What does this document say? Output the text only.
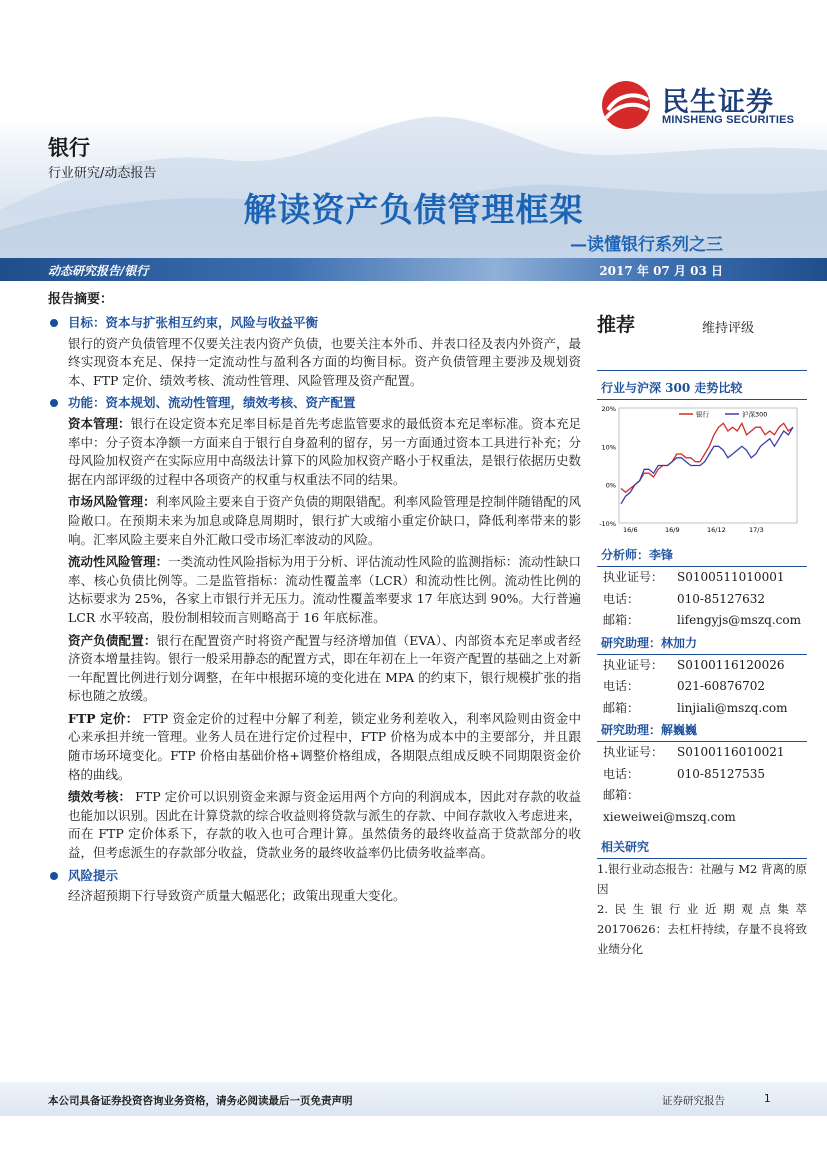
民生证券
MINSHENG SECURITIES
银行
行业研究/动态报告
解读资产负债管理框架
—读懂银行系列之三
动态研究报告/银行	2017 年 07 月 03 日
报告摘要：
目标：资本与扩张相互约束，风险与收益平衡
银行的资产负债管理不仅要关注表内资产负债，也要关注本外币、并表口径及表内外资产，最终实现资本充足、保持一定流动性与盈利各方面的均衡目标。资产负债管理主要涉及规划资本、FTP 定价、绩效考核、流动性管理、风险管理及资产配置。
功能：资本规划、流动性管理，绩效考核、资产配置
资本管理：银行在设定资本充足率目标是首先考虑监管要求的最低资本充足率标准。资本充足率中：分子资本净额一方面来自于银行自身盈利的留存，另一方面通过资本工具进行补充；分母风险加权资产在实际应用中高级法计算下的风险加权资产略小于权重法，是银行依据历史数据在内部评级的过程中各项资产的权重与权重法不同的结果。
市场风险管理：利率风险主要来自于资产负债的期限错配。利率风险管理是控制伴随错配的风险敞口。在预期未来为加息或降息周期时，银行扩大或缩小重定价缺口，降低利率带来的影响。汇率风险主要来自外汇敞口受市场汇率波动的风险。
流动性风险管理：一类流动性风险指标为用于分析、评估流动性风险的监测指标：流动性缺口率、核心负债比例等。二是监管指标：流动性覆盖率（LCR）和流动性比例。流动性比例的达标要求为 25%，各家上市银行并无压力。流动性覆盖率要求 17 年底达到 90%。大行普遍 LCR 水平较高，股份制相较而言则略高于 16 年底标准。
资产负债配置：银行在配置资产时将资产配置与经济增加值（EVA）、内部资本充足率或者经济资本增量挂钩。银行一般采用静态的配置方式，即在年初在上一年资产配置的基础之上对新一年配置比例进行划分调整，在年中根据环境的变化进在 MPA 的约束下，银行规模扩张的指标也随之放缓。
FTP 定价： FTP 资金定价的过程中分解了利差，锁定业务利差收入，利率风险则由资金中心来承担并统一管理。业务人员在进行定价过程中，FTP 价格为成本中的主要部分，并且跟随市场环境变化。FTP 价格由基础价格+调整价格组成，各期限点组成反映不同期限资金价格的曲线。
绩效考核： FTP 定价可以识别资金来源与资金运用两个方向的利润成本，因此对存款的收益也能加以识别。因此在计算贷款的综合收益则将贷款与派生的存款、中间存款收入考虑进来，而在 FTP 定价体系下，存款的收入也可合理计算。虽然债务的最终收益高于贷款部分的收益，但考虑派生的存款部分收益，贷款业务的最终收益率仍比债务收益率高。
风险提示
经济超预期下行导致资产质量大幅恶化；政策出现重大变化。
推荐	维持评级
行业与沪深 300 走势比较
20%
10%
0%
-10%
16/6	16/9	16/12	17/3
银行	沪深300
分析师：李锋
执业证号： S0100511010001
电话：	010-85127632
邮箱：	lifengyjs@mszq.com
研究助理：林加力
执业证号： S0100116120026
电话：	021-60876702
邮箱：	linjiali@mszq.com
研究助理：解巍巍
执业证号： S0100116010021
电话：	010-85127535
邮箱：xieweiwei@mszq.com
相关研究
1.银行业动态报告：社融与 M2 背离的原因
2.民生银行业近期观点集萃 20170626：去杠杆持续，存量不良将致业绩分化
本公司具备证券投资咨询业务资格，请务必阅读最后一页免责声明	证券研究报告	1
